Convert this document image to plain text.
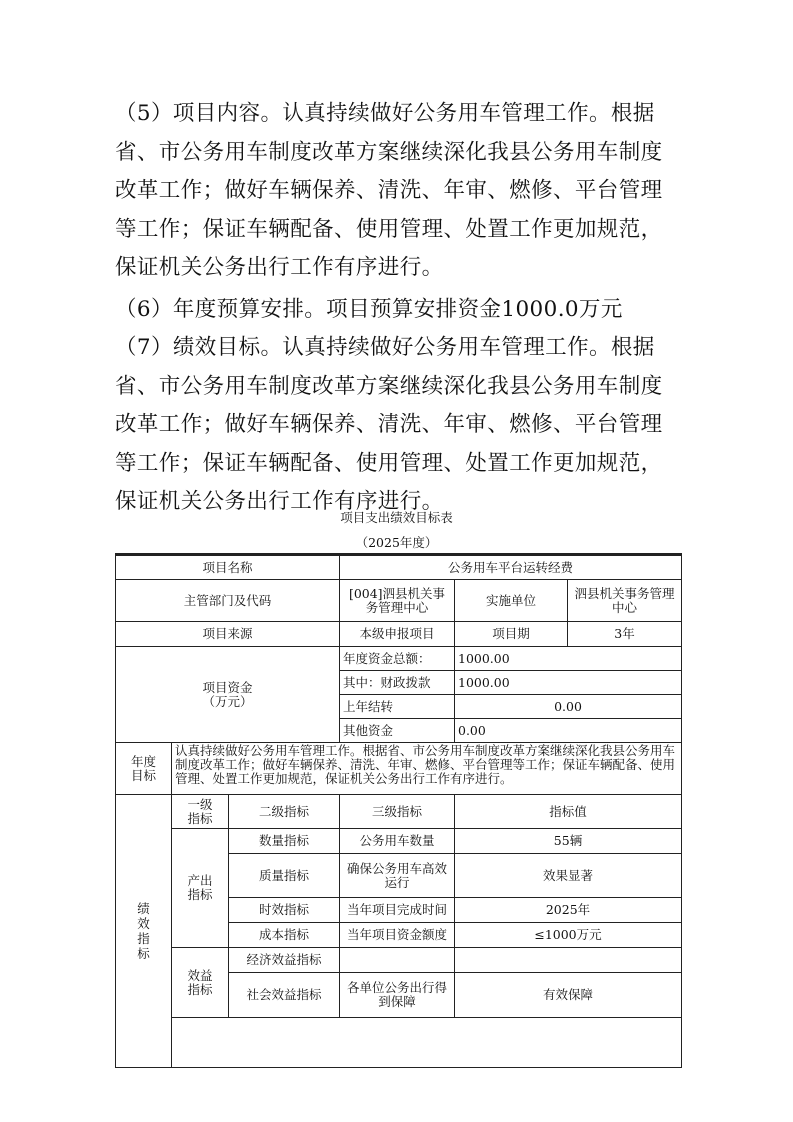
（5）项目内容。认真持续做好公务用车管理工作。根据省、市公务用车制度改革方案继续深化我县公务用车制度改革工作；做好车辆保养、清洗、年审、燃修、平台管理等工作；保证车辆配备、使用管理、处置工作更加规范，保证机关公务出行工作有序进行。

（6）年度预算安排。项目预算安排资金1000.0万元

（7）绩效目标。认真持续做好公务用车管理工作。根据省、市公务用车制度改革方案继续深化我县公务用车制度改革工作；做好车辆保养、清洗、年审、燃修、平台管理等工作；保证车辆配备、使用管理、处置工作更加规范，保证机关公务出行工作有序进行。

项目支出绩效目标表
（2025年度）

项目名称			公务用车平台运转经费		
主管部门及代码			[004]泗县机关事务管理中心	实施单位	泗县机关事务管理中心
项目来源			本级申报项目	项目期	3年
项目资金（万元）			年度资金总额：	1000.00	
			其中：财政拨款	1000.00	
			上年结转	0.00	
			其他资金	0.00	
年度目标	认真持续做好公务用车管理工作。根据省、市公务用车制度改革方案继续深化我县公务用车制度改革工作；做好车辆保养、清洗、年审、燃修、平台管理等工作；保证车辆配备、使用管理、处置工作更加规范，保证机关公务出行工作有序进行。				
绩效指标	一级指标	二级指标	三级指标	指标值	
	产出指标	数量指标	公务用车数量	55辆	
		质量指标	确保公务用车高效运行	效果显著	
		时效指标	当年项目完成时间	2025年	
		成本指标	当年项目资金额度	≤1000万元	
	效益指标	经济效益指标			
		社会效益指标	各单位公务出行得到保障	有效保障	
